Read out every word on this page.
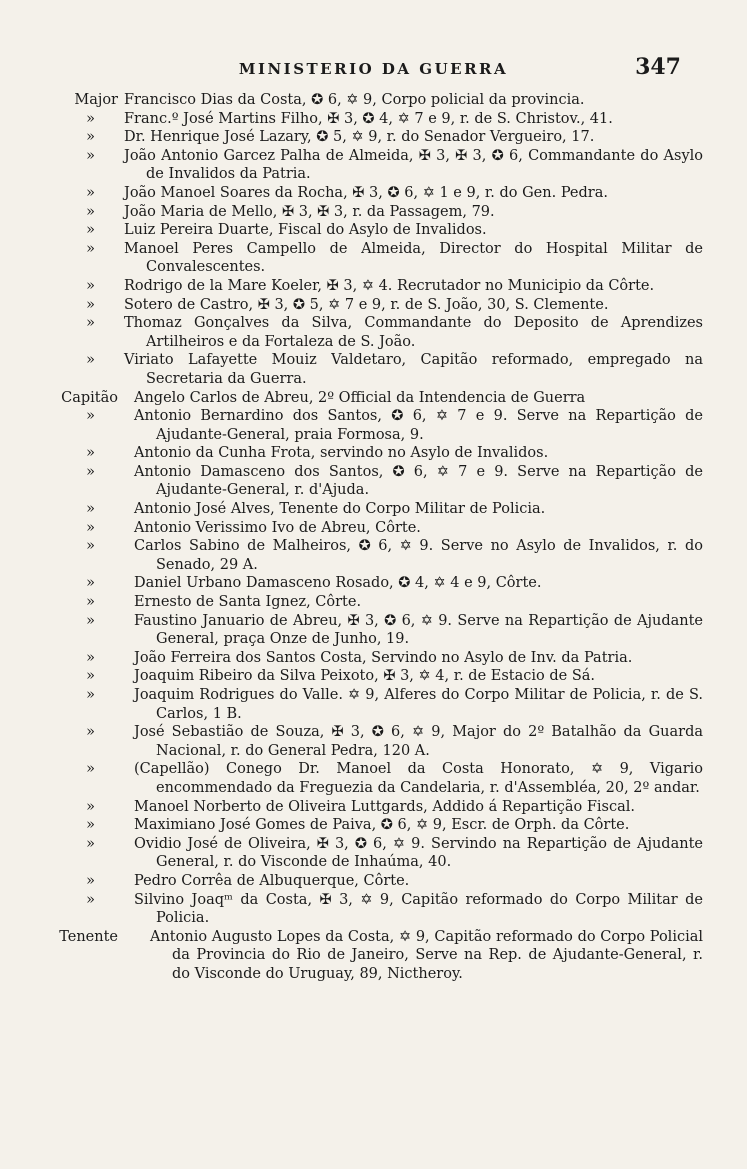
MINISTERIO DA GUERRA	347
Major Francisco Dias da Costa, ✪ 6, ✡ 9, Corpo policial da provincia.
» Franc.º José Martins Filho, ✠ 3, ✪ 4, ✡ 7 e 9, r. de S. Christov., 41.
» Dr. Henrique José Lazary, ✪ 5, ✡ 9, r. do Senador Vergueiro, 17.
» João Antonio Garcez Palha de Almeida, ✠ 3, ✠ 3, ✪ 6, Commandante do Asylo de Invalidos da Patria.
» João Manoel Soares da Rocha, ✠ 3, ✪ 6, ✡ 1 e 9, r. do Gen. Pedra.
» João Maria de Mello, ✠ 3, ✠ 3, r. da Passagem, 79.
» Luiz Pereira Duarte, Fiscal do Asylo de Invalidos.
» Manoel Peres Campello de Almeida, Director do Hospital Militar de Convalescentes.
» Rodrigo de la Mare Koeler, ✠ 3, ✡ 4. Recrutador no Municipio da Côrte.
» Sotero de Castro, ✠ 3, ✪ 5, ✡ 7 e 9, r. de S. João, 30, S. Clemente.
» Thomaz Gonçalves da Silva, Commandante do Deposito de Aprendizes Artilheiros e da Fortaleza de S. João.
» Viriato Lafayette Mouiz Valdetaro, Capitão reformado, empregado na Secretaria da Guerra.
Capitão Angelo Carlos de Abreu, 2º Official da Intendencia de Guerra
»	Antonio Bernardino dos Santos, ✪ 6, ✡ 7 e 9. Serve na Repartição de Ajudante-General, praia Formosa, 9.
»	Antonio da Cunha Frota, servindo no Asylo de Invalidos.
»	Antonio Damasceno dos Santos, ✪ 6, ✡ 7 e 9. Serve na Repartição de Ajudante-General, r. d'Ajuda.
»	Antonio José Alves, Tenente do Corpo Militar de Policia.
»	Antonio Verissimo Ivo de Abreu, Côrte.
»	Carlos Sabino de Malheiros, ✪ 6, ✡ 9. Serve no Asylo de Invalidos, r. do Senado, 29 A.
»	Daniel Urbano Damasceno Rosado, ✪ 4, ✡ 4 e 9, Côrte.
»	Ernesto de Santa Ignez, Côrte.
»	Faustino Januario de Abreu, ✠ 3, ✪ 6, ✡ 9. Serve na Repartição de Ajudante General, praça Onze de Junho, 19.
»	João Ferreira dos Santos Costa, Servindo no Asylo de Inv. da Patria.
»	Joaquim Ribeiro da Silva Peixoto, ✠ 3, ✡ 4, r. de Estacio de Sá.
»	Joaquim Rodrigues do Valle. ✡ 9, Alferes do Corpo Militar de Policia, r. de S. Carlos, 1 B.
»	José Sebastião de Souza, ✠ 3, ✪ 6, ✡ 9, Major do 2º Batalhão da Guarda Nacional, r. do General Pedra, 120 A.
»	(Capellão) Conego Dr. Manoel da Costa Honorato, ✡ 9, Vigario encommendado da Freguezia da Candelaria, r. d'Assembléa, 20, 2º andar.
»	Manoel Norberto de Oliveira Luttgards, Addido á Repartição Fiscal.
»	Maximiano José Gomes de Paiva, ✪ 6, ✡ 9, Escr. de Orph. da Côrte.
»	Ovidio José de Oliveira, ✠ 3, ✪ 6, ✡ 9. Servindo na Repartição de Ajudante General, r. do Visconde de Inhaúma, 40.
»	Pedro Corrêa de Albuquerque, Côrte.
»	Silvino Joaqᵐ da Costa, ✠ 3, ✡ 9, Capitão reformado do Corpo Militar de Policia.
Tenente Antonio Augusto Lopes da Costa, ✡ 9, Capitão reformado do Corpo Policial da Provincia do Rio de Janeiro, Serve na Rep. de Ajudante-General, r. do Visconde do Uruguay, 89, Nictheroy.
